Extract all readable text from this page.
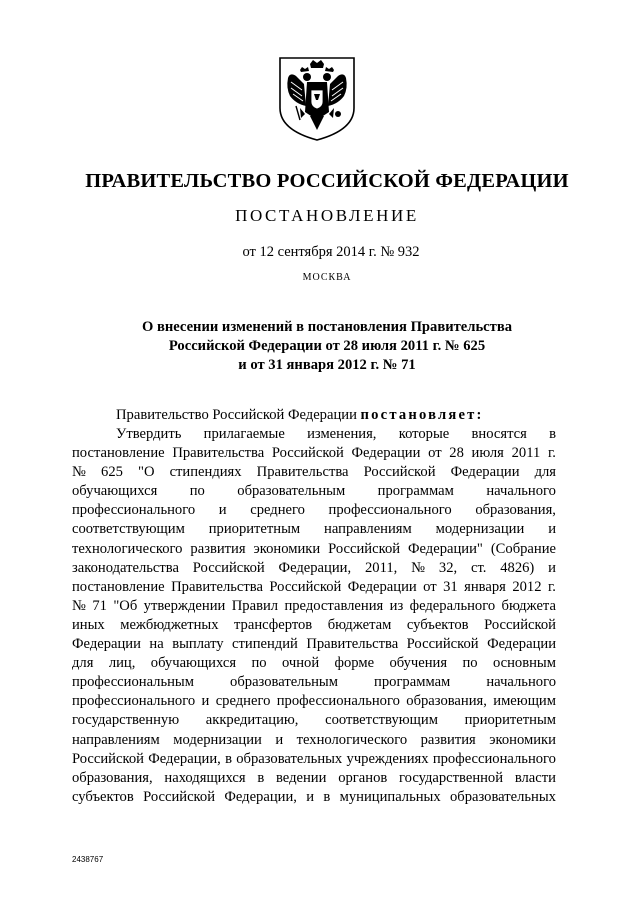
ПРАВИТЕЛЬСТВО РОССИЙСКОЙ ФЕДЕРАЦИИ
ПОСТАНОВЛЕНИЕ
от 12 сентября 2014 г. № 932
МОСКВА
О внесении изменений в постановления Правительства
Российской Федерации от 28 июля 2011 г. № 625
и от 31 января 2012 г. № 71
Правительство Российской Федерации постановляет:
Утвердить прилагаемые изменения, которые вносятся в
постановление Правительства Российской Федерации от 28 июля 2011 г.
№ 625 "О стипендиях Правительства Российской Федерации для
обучающихся по образовательным программам начального
профессионального и среднего профессионального образования,
соответствующим приоритетным направлениям модернизации и
технологического развития экономики Российской Федерации" (Собрание
законодательства Российской Федерации, 2011, № 32, ст. 4826) и
постановление Правительства Российской Федерации от 31 января 2012 г.
№ 71 "Об утверждении Правил предоставления из федерального бюджета
иных межбюджетных трансфертов бюджетам субъектов Российской
Федерации на выплату стипендий Правительства Российской Федерации
для лиц, обучающихся по очной форме обучения по основным
профессиональным образовательным программам начального
профессионального и среднего профессионального образования, имеющим
государственную аккредитацию, соответствующим приоритетным
направлениям модернизации и технологического развития экономики
Российской Федерации, в образовательных учреждениях профессионального
образования, находящихся в ведении органов государственной власти
субъектов Российской Федерации, и в муниципальных образовательных
2438767
